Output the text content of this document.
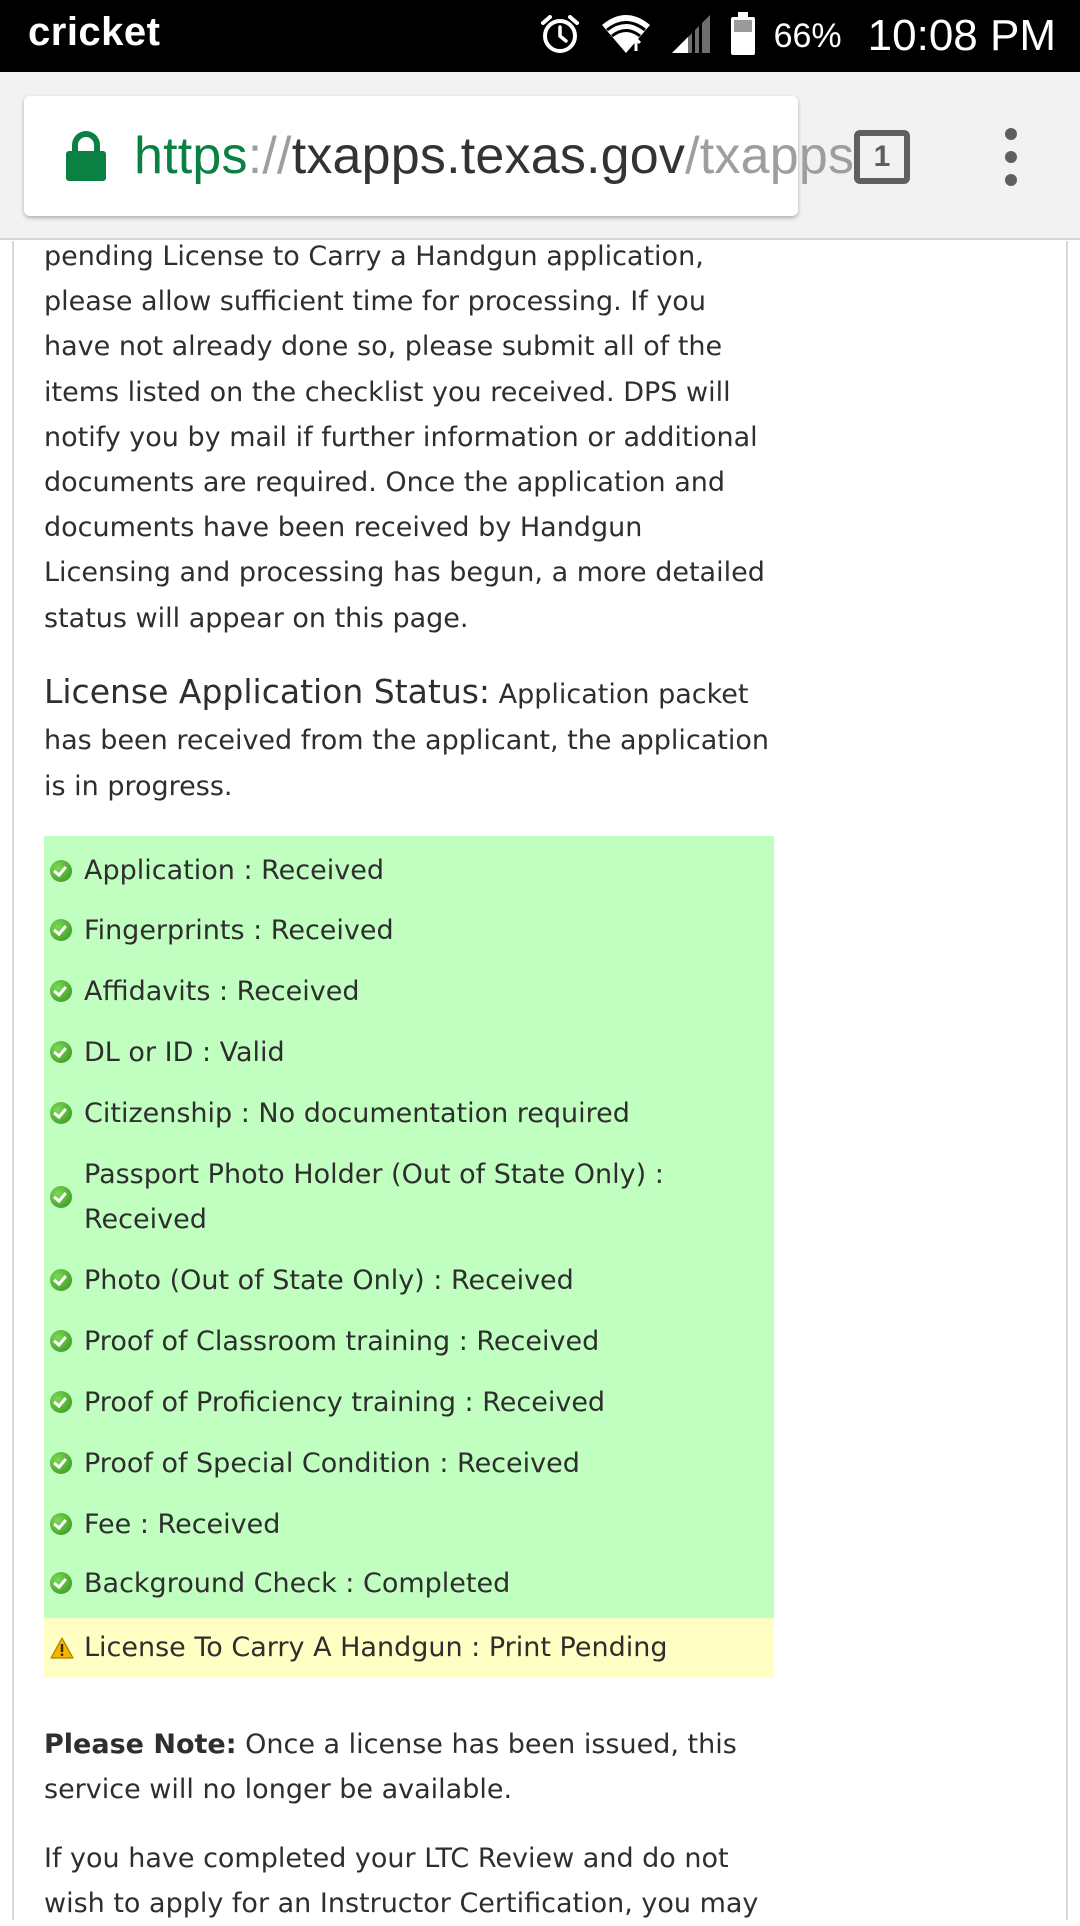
cricket	66% 10:08 PM
https://txapps.texas.gov/txapps 1

pending License to Carry a Handgun application, please allow sufficient time for processing. If you have not already done so, please submit all of the items listed on the checklist you received. DPS will notify you by mail if further information or additional documents are required. Once the application and documents have been received by Handgun Licensing and processing has begun, a more detailed status will appear on this page.

License Application Status: Application packet has been received from the applicant, the application is in progress.

Application : Received
Fingerprints : Received
Affidavits : Received
DL or ID : Valid
Citizenship : No documentation required
Passport Photo Holder (Out of State Only) : Received
Photo (Out of State Only) : Received
Proof of Classroom training : Received
Proof of Proficiency training : Received
Proof of Special Condition : Received
Fee : Received
Background Check : Completed
License To Carry A Handgun : Print Pending

Please Note: Once a license has been issued, this service will no longer be available.

If you have completed your LTC Review and do not wish to apply for an Instructor Certification, you may
